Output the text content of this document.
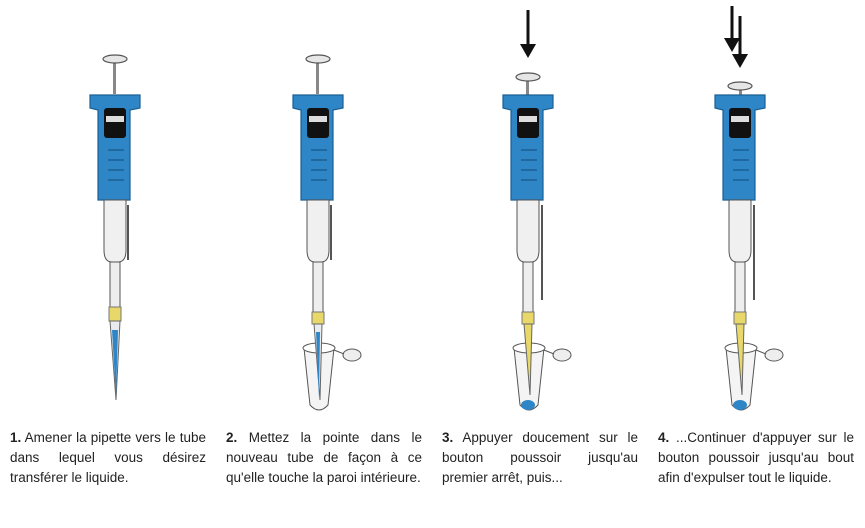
1. Amener la pipette vers le tube dans lequel vous désirez transférer le liquide.
2. Mettez la pointe dans le nouveau tube de façon à ce qu'elle touche la paroi intérieure.
3. Appuyer doucement sur le bouton poussoir jusqu'au premier arrêt, puis...
4. ...Continuer d'appuyer sur le bouton poussoir jusqu'au bout afin d'expulser tout le liquide.
